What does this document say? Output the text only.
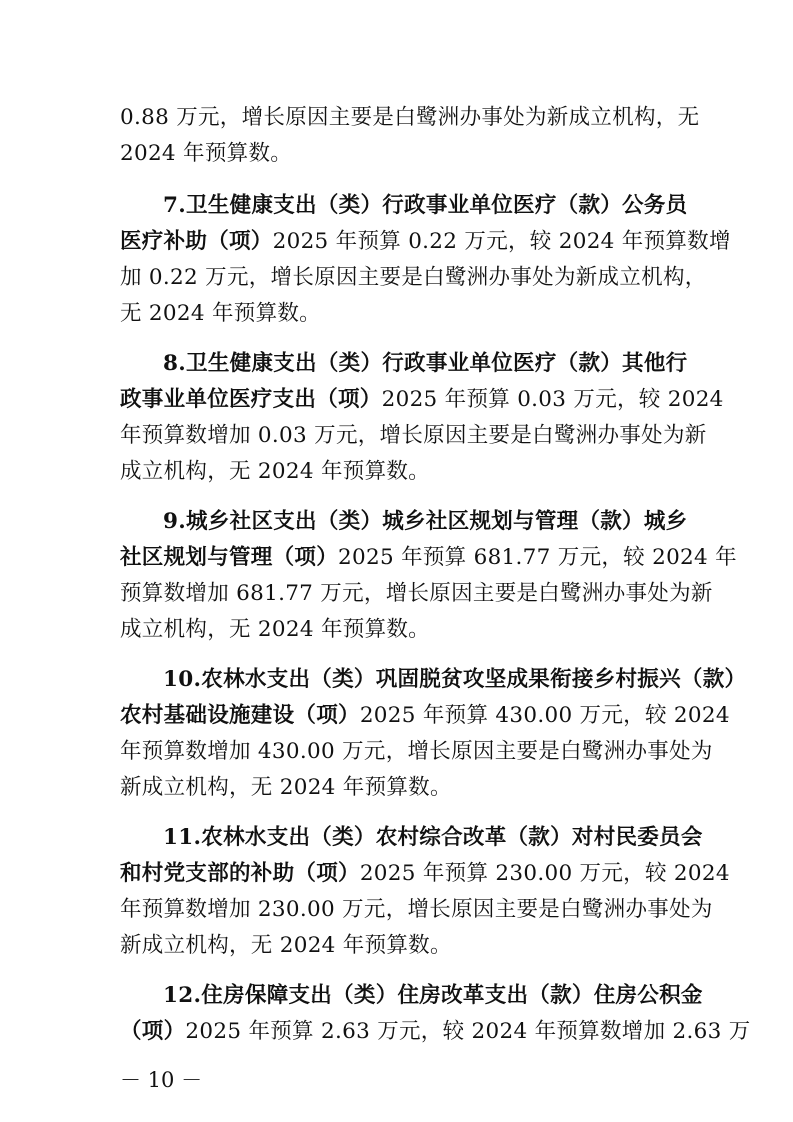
0.88 万元，增长原因主要是白鹭洲办事处为新成立机构，无
2024 年预算数。
7.卫生健康支出（类）行政事业单位医疗（款）公务员
医疗补助（项）2025 年预算 0.22 万元，较 2024 年预算数增
加 0.22 万元，增长原因主要是白鹭洲办事处为新成立机构，
无 2024 年预算数。
8.卫生健康支出（类）行政事业单位医疗（款）其他行
政事业单位医疗支出（项）2025 年预算 0.03 万元，较 2024
年预算数增加 0.03 万元，增长原因主要是白鹭洲办事处为新
成立机构，无 2024 年预算数。
9.城乡社区支出（类）城乡社区规划与管理（款）城乡
社区规划与管理（项）2025 年预算 681.77 万元，较 2024 年
预算数增加 681.77 万元，增长原因主要是白鹭洲办事处为新
成立机构，无 2024 年预算数。
10.农林水支出（类）巩固脱贫攻坚成果衔接乡村振兴（款）
农村基础设施建设（项）2025 年预算 430.00 万元，较 2024
年预算数增加 430.00 万元，增长原因主要是白鹭洲办事处为
新成立机构，无 2024 年预算数。
11.农林水支出（类）农村综合改革（款）对村民委员会
和村党支部的补助（项）2025 年预算 230.00 万元，较 2024
年预算数增加 230.00 万元，增长原因主要是白鹭洲办事处为
新成立机构，无 2024 年预算数。
12.住房保障支出（类）住房改革支出（款）住房公积金
（项）2025 年预算 2.63 万元，较 2024 年预算数增加 2.63 万
－ 10 －
